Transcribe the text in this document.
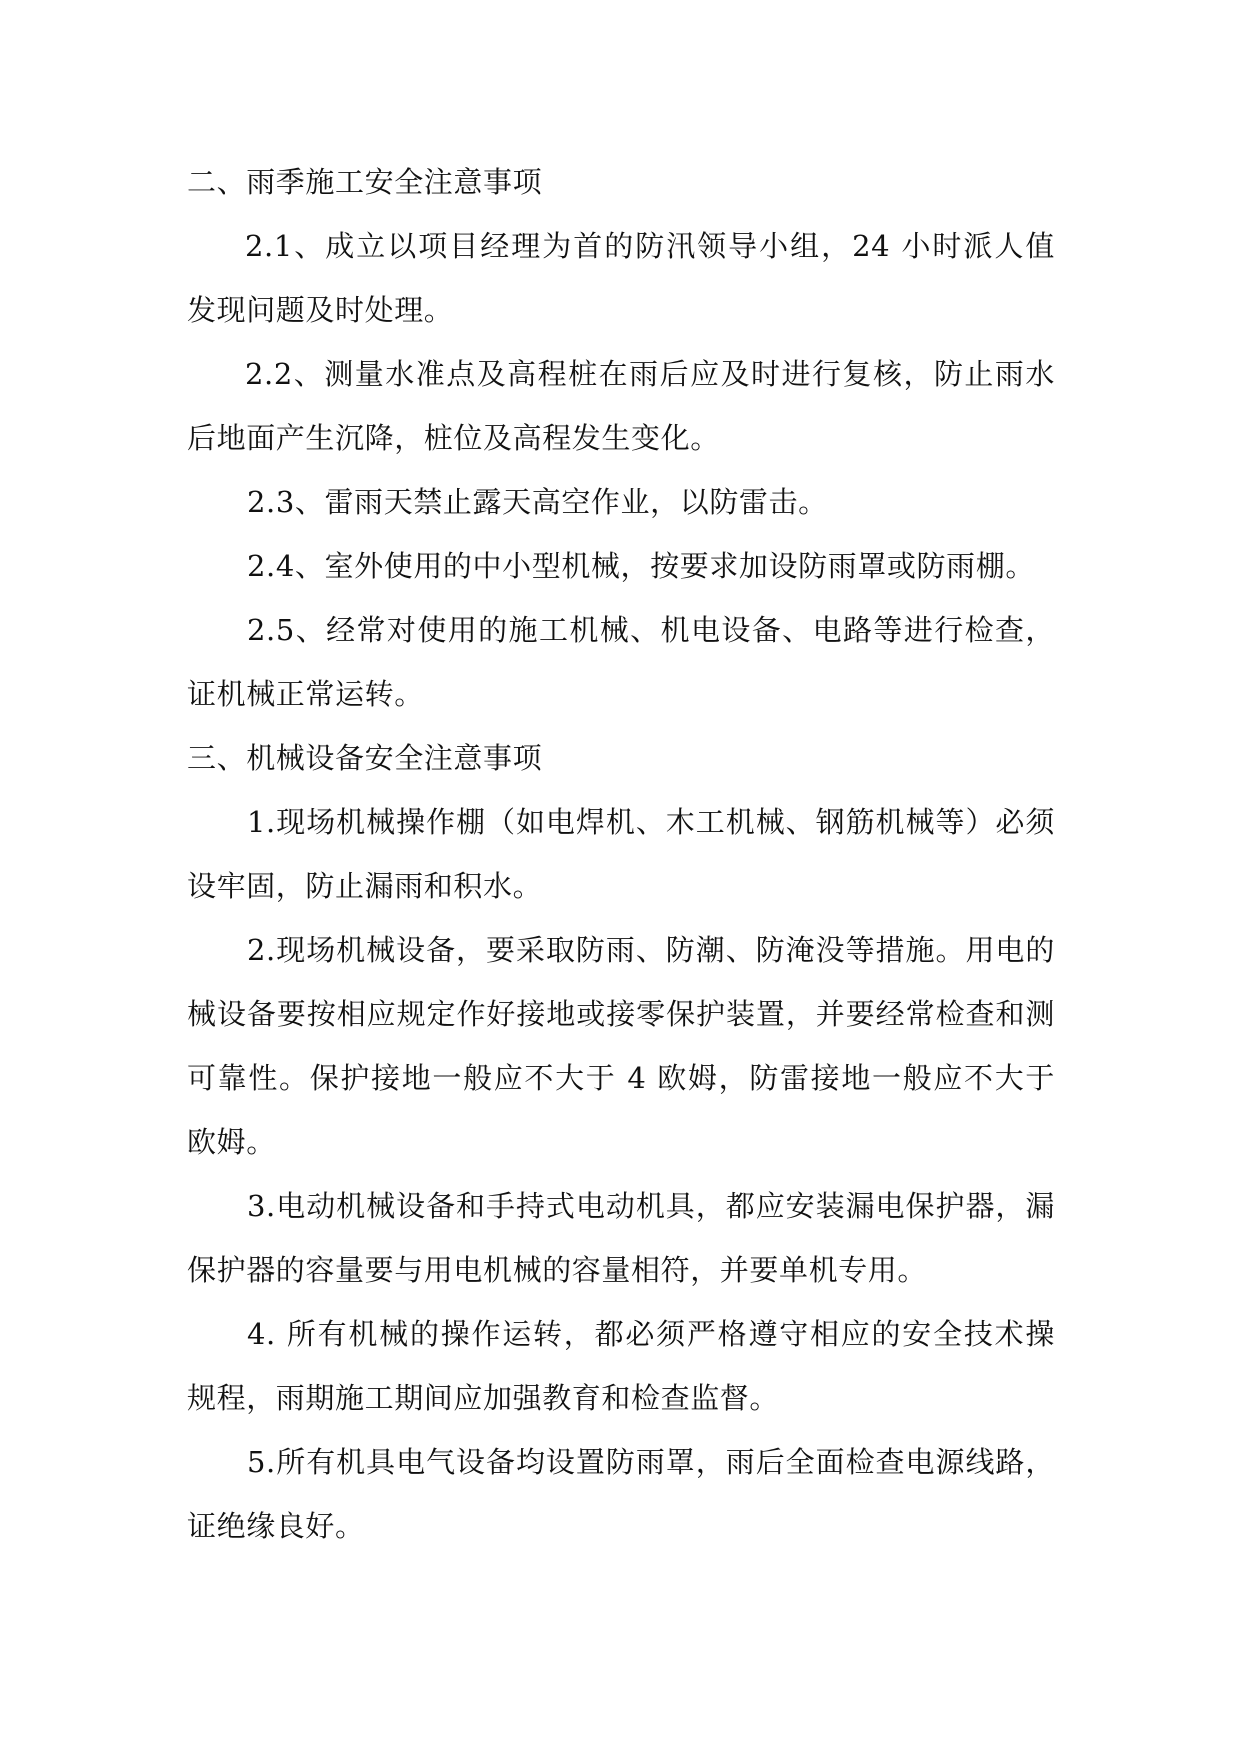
二、雨季施工安全注意事项
2.1、成立以项目经理为首的防汛领导小组，24 小时派人值
发现问题及时处理。
2.2、测量水准点及高程桩在雨后应及时进行复核，防止雨水
后地面产生沉降，桩位及高程发生变化。
2.3、雷雨天禁止露天高空作业，以防雷击。
2.4、室外使用的中小型机械，按要求加设防雨罩或防雨棚。
2.5、经常对使用的施工机械、机电设备、电路等进行检查，
证机械正常运转。
三、机械设备安全注意事项
1.现场机械操作棚（如电焊机、木工机械、钢筋机械等）必须
设牢固，防止漏雨和积水。
2.现场机械设备，要采取防雨、防潮、防淹没等措施。用电的
械设备要按相应规定作好接地或接零保护装置，并要经常检查和测
可靠性。保护接地一般应不大于 4 欧姆，防雷接地一般应不大于
欧姆。
3.电动机械设备和手持式电动机具，都应安装漏电保护器，漏
保护器的容量要与用电机械的容量相符，并要单机专用。
4. 所有机械的操作运转，都必须严格遵守相应的安全技术操
规程，雨期施工期间应加强教育和检查监督。
5.所有机具电气设备均设置防雨罩，雨后全面检查电源线路，
证绝缘良好。
